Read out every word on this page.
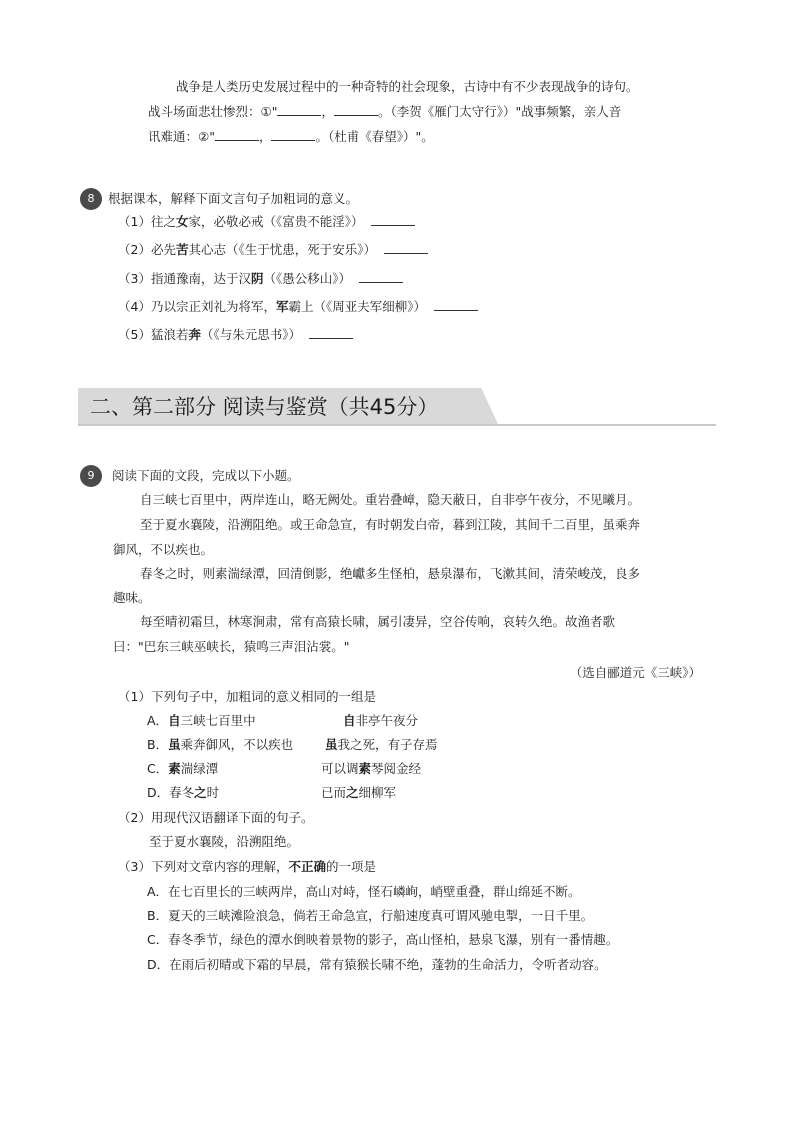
战争是人类历史发展过程中的一种奇特的社会现象，古诗中有不少表现战争的诗句。
战斗场面悲壮惨烈：①"	，	。（李贺《雁门太守行》）"战事频繁，亲人音
讯难通：②"	，	。（杜甫《春望》）"。
8	根据课本，解释下面文言句子加粗词的意义。
（1）往之女家，必敬必戒（《富贵不能淫》）
（2）必先苦其心志（《生于忧患，死于安乐》）
（3）指通豫南，达于汉阴（《愚公移山》）
（4）乃以宗正刘礼为将军，军霸上（《周亚夫军细柳》）
（5）猛浪若奔（《与朱元思书》）
二、第二部分 阅读与鉴赏（共45分）
9	阅读下面的文段，完成以下小题。
自三峡七百里中，两岸连山，略无阙处。重岩叠嶂，隐天蔽日，自非亭午夜分，不见曦月。
至于夏水襄陵，沿溯阻绝。或王命急宣，有时朝发白帝，暮到江陵，其间千二百里，虽乘奔
御风，不以疾也。
春冬之时，则素湍绿潭，回清倒影，绝巘多生怪柏，悬泉瀑布，飞漱其间，清荣峻茂，良多
趣味。
每至晴初霜旦，林寒涧肃，常有高猿长啸，属引凄异，空谷传响，哀转久绝。故渔者歌
曰："巴东三峡巫峡长，猿鸣三声泪沾裳。"
（选自郦道元《三峡》）
（1）下列句子中，加粗词的意义相同的一组是
A．自三峡七百里中	自非亭午夜分
B．虽乘奔御风，不以疾也	虽我之死，有子存焉
C．素湍绿潭	可以调素琴阅金经
D．春冬之时	已而之细柳军
（2）用现代汉语翻译下面的句子。
至于夏水襄陵，沿溯阻绝。
（3）下列对文章内容的理解，不正确的一项是
A．在七百里长的三峡两岸，高山对峙，怪石嶙峋，峭壁重叠，群山绵延不断。
B．夏天的三峡滩险浪急，倘若王命急宣，行船速度真可谓风驰电掣，一日千里。
C．春冬季节，绿色的潭水倒映着景物的影子，高山怪柏，悬泉飞瀑，别有一番情趣。
D．在雨后初晴或下霜的早晨，常有猿猴长啸不绝，蓬勃的生命活力，令听者动容。
